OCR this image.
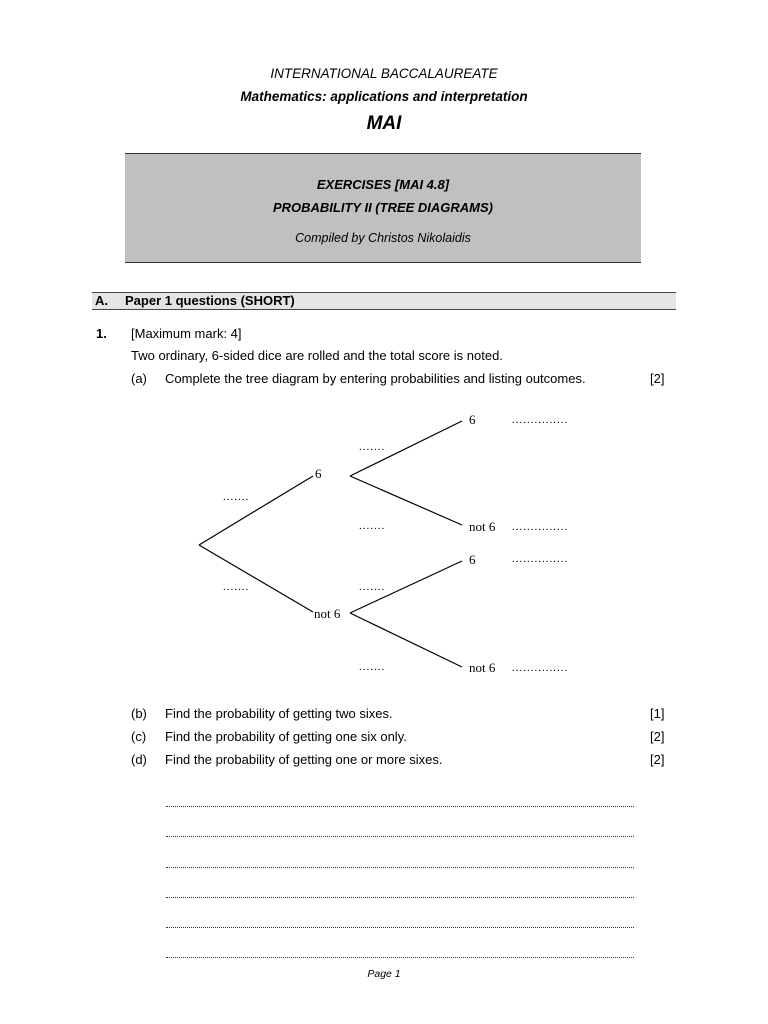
INTERNATIONAL BACCALAUREATE
Mathematics: applications and interpretation
MAI
EXERCISES [MAI 4.8]
PROBABILITY II (TREE DIAGRAMS)
Compiled by Christos Nikolaidis
A. Paper 1 questions (SHORT)
1. [Maximum mark: 4]
Two ordinary, 6-sided dice are rolled and the total score is noted.
(a) Complete the tree diagram by entering probabilities and listing outcomes.	[2]
6
not 6
6
not 6
6
not 6
.......
.......
.......
.......
.......
.......
...............
...............
...............
...............
(b) Find the probability of getting two sixes.	[1]
(c) Find the probability of getting one six only.	[2]
(d) Find the probability of getting one or more sixes.	[2]
Page 1
